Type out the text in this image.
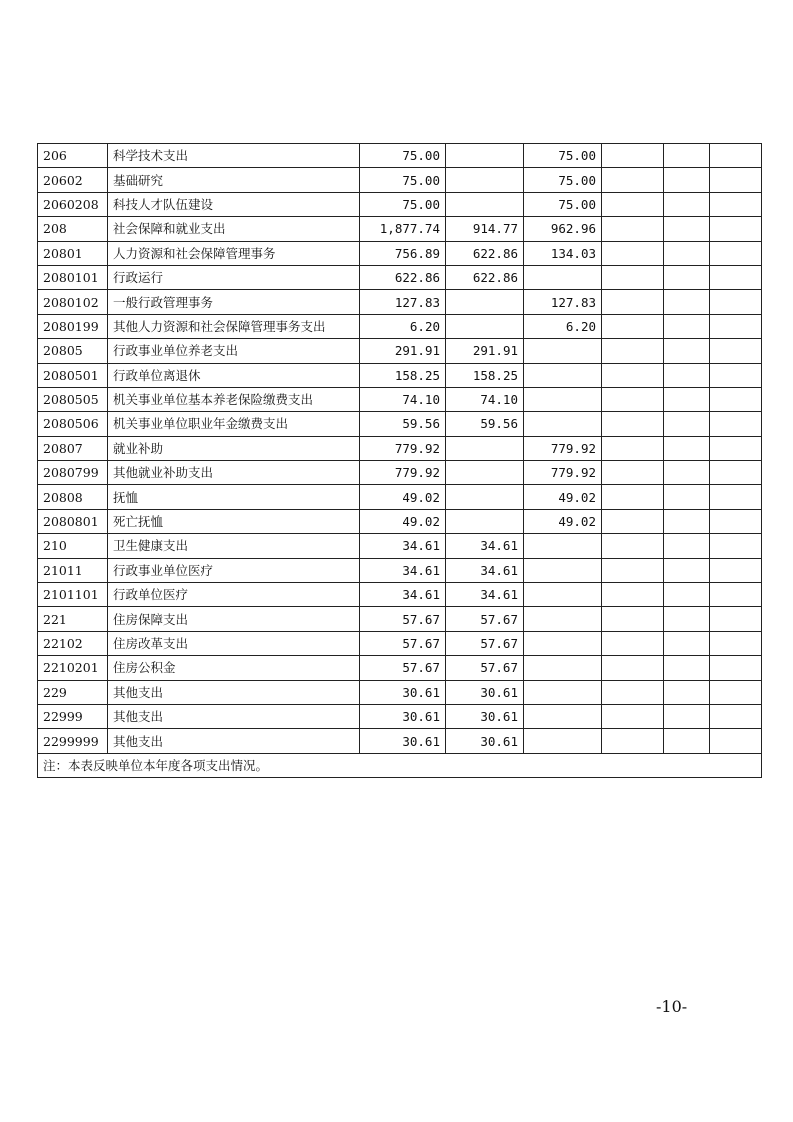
206	科学技术支出	75.00		75.00			
20602	基础研究	75.00		75.00			
2060208	科技人才队伍建设	75.00		75.00			
208	社会保障和就业支出	1,877.74	914.77	962.96			
20801	人力资源和社会保障管理事务	756.89	622.86	134.03			
2080101	行政运行	622.86	622.86				
2080102	一般行政管理事务	127.83		127.83			
2080199	其他人力资源和社会保障管理事务支出	6.20		6.20			
20805	行政事业单位养老支出	291.91	291.91				
2080501	行政单位离退休	158.25	158.25				
2080505	机关事业单位基本养老保险缴费支出	74.10	74.10				
2080506	机关事业单位职业年金缴费支出	59.56	59.56				
20807	就业补助	779.92		779.92			
2080799	其他就业补助支出	779.92		779.92			
20808	抚恤	49.02		49.02			
2080801	死亡抚恤	49.02		49.02			
210	卫生健康支出	34.61	34.61				
21011	行政事业单位医疗	34.61	34.61				
2101101	行政单位医疗	34.61	34.61				
221	住房保障支出	57.67	57.67				
22102	住房改革支出	57.67	57.67				
2210201	住房公积金	57.67	57.67				
229	其他支出	30.61	30.61				
22999	其他支出	30.61	30.61				
2299999	其他支出	30.61	30.61				
注：本表反映单位本年度各项支出情况。							
-10-
